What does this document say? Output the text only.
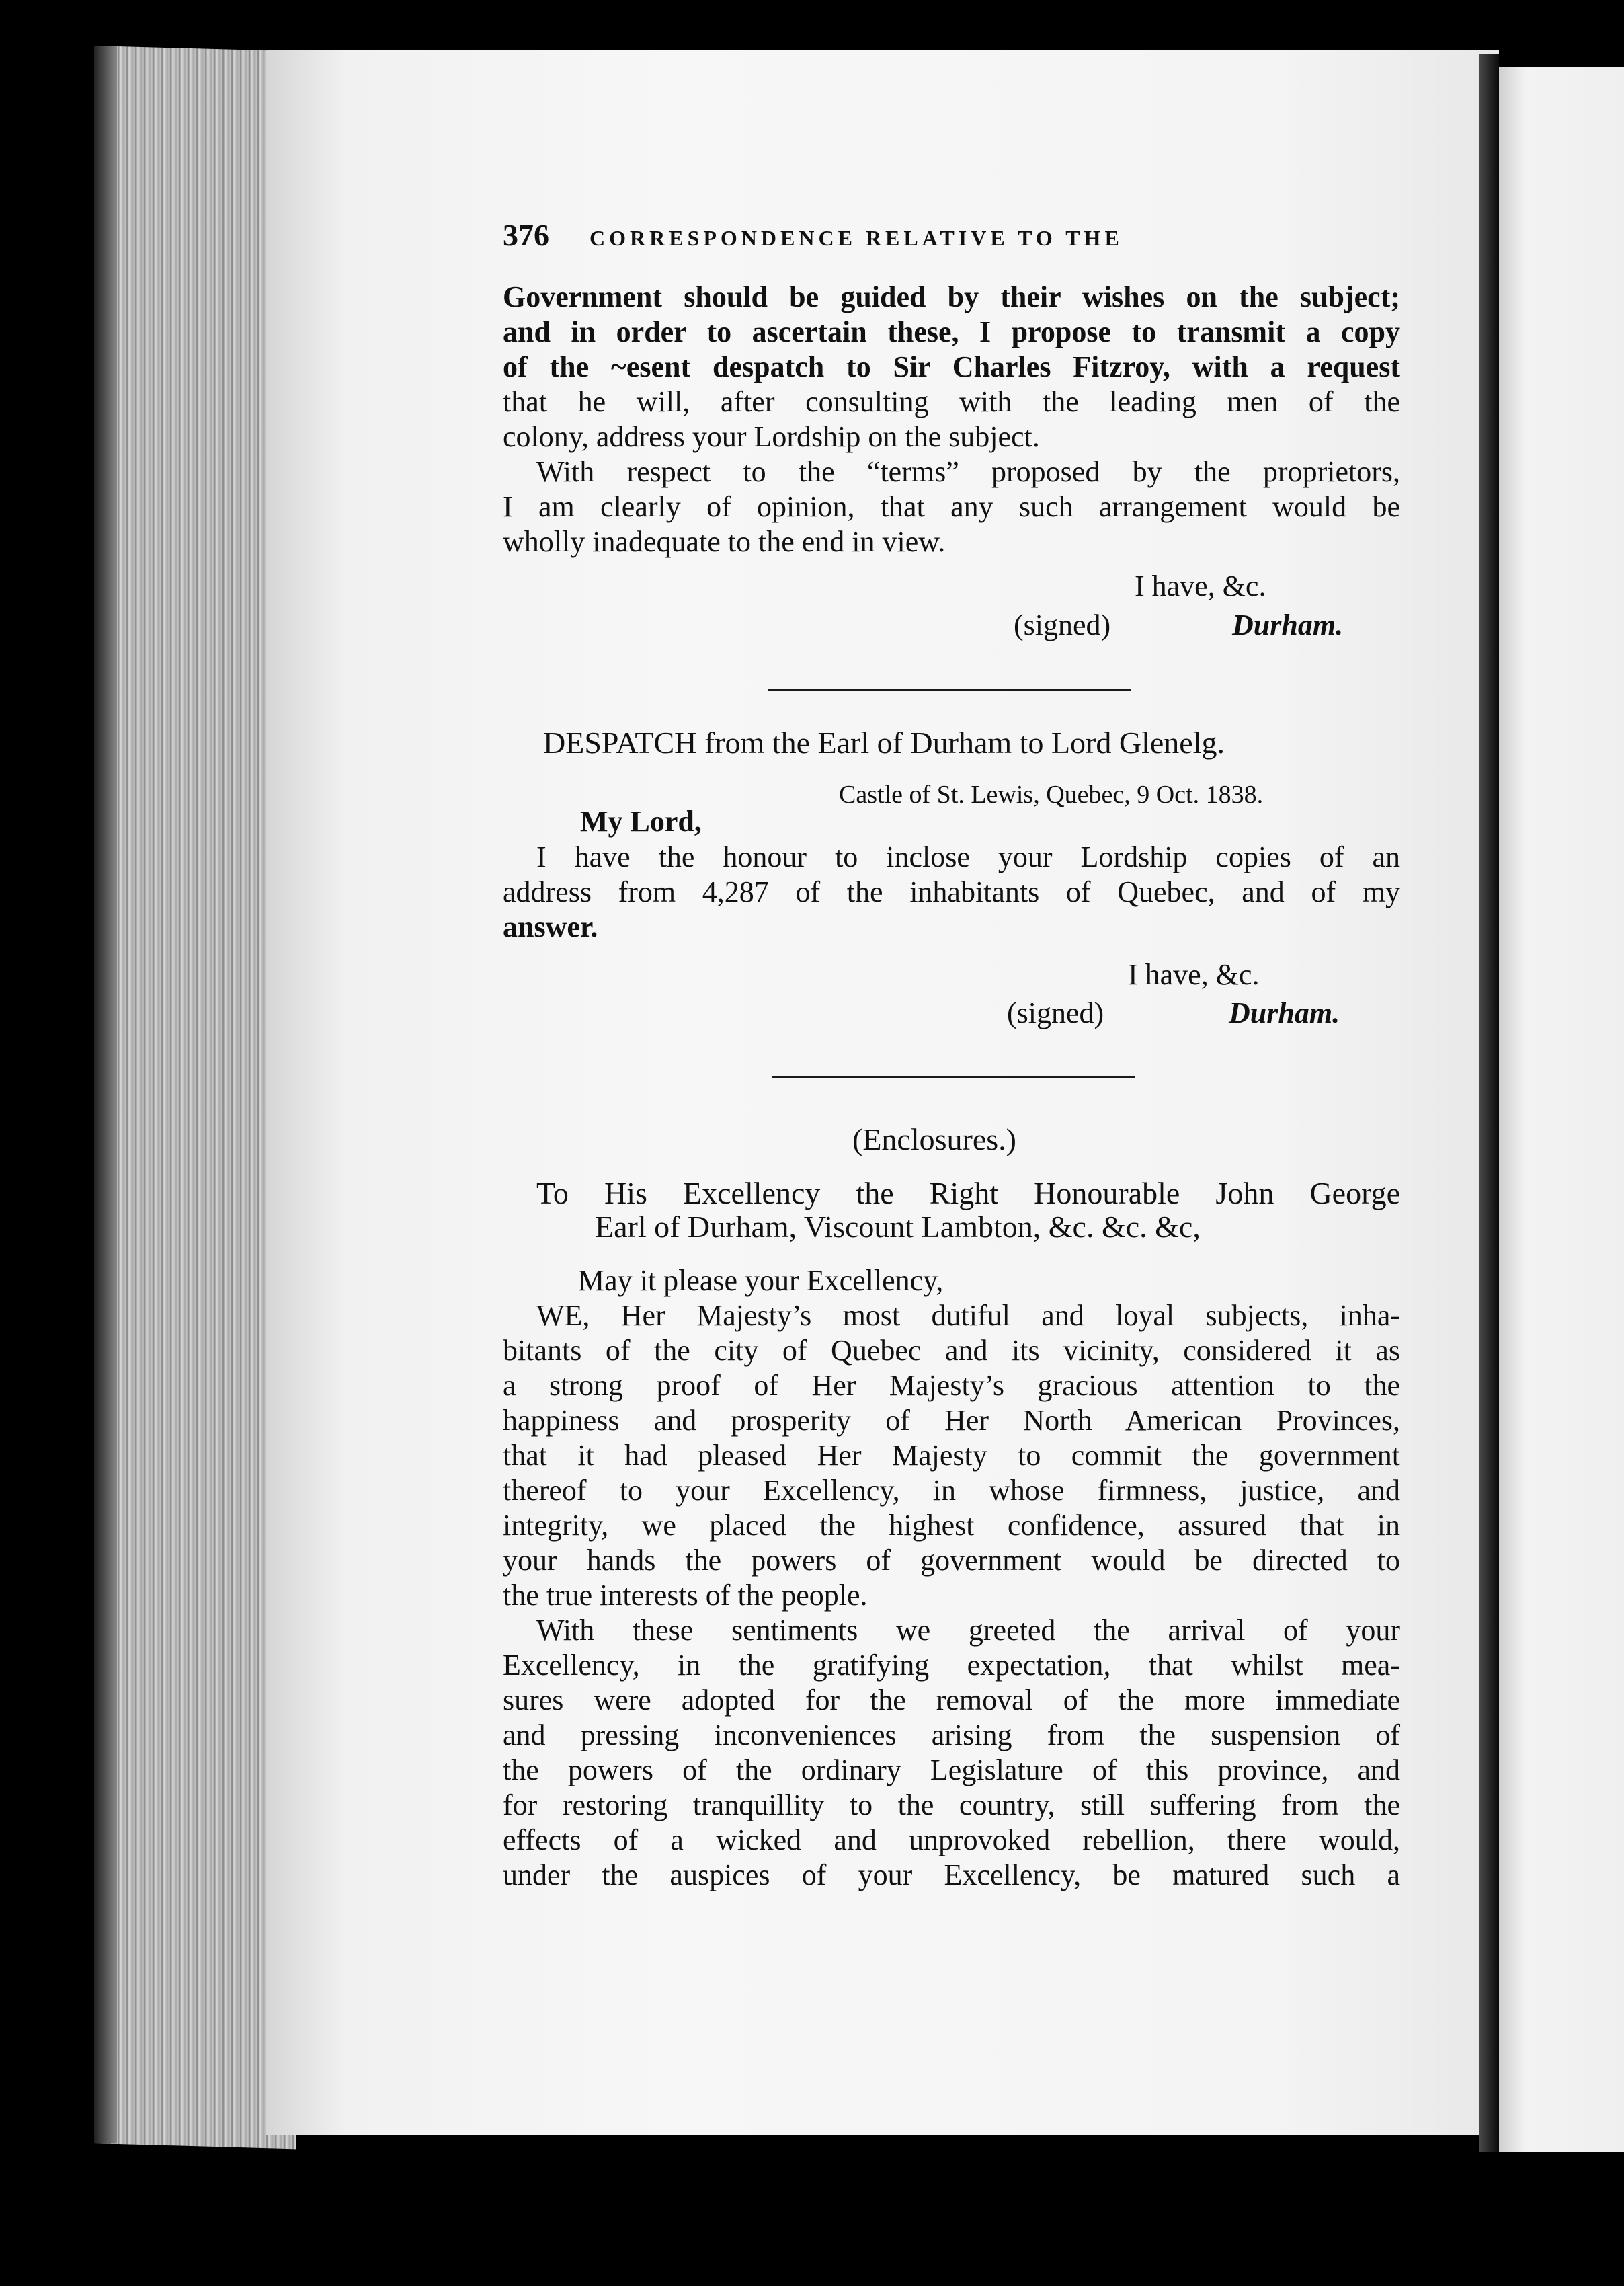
376 CORRESPONDENCE RELATIVE TO THE
Government should be guided by their wishes on the subject;
and in order to ascertain these, I propose to transmit a copy
of the ~esent despatch to Sir Charles Fitzroy, with a request
that he will, after consulting with the leading men of the
colony, address your Lordship on the subject.
With respect to the “terms” proposed by the proprietors,
I am clearly of opinion, that any such arrangement would be
wholly inadequate to the end in view.
I have, &c.
(signed)	Durham.
DESPATCH from the Earl of Durham to Lord Glenelg.
Castle of St. Lewis, Quebec, 9 Oct. 1838.
My Lord,
I have the honour to inclose your Lordship copies of an
address from 4,287 of the inhabitants of Quebec, and of my
answer.
I have, &c.
(signed)	Durham.
(Enclosures.)
To His Excellency the Right Honourable John George
Earl of Durham, Viscount Lambton, &c. &c. &c,
May it please your Excellency,
WE, Her Majesty’s most dutiful and loyal subjects, inha-
bitants of the city of Quebec and its vicinity, considered it as
a strong proof of Her Majesty’s gracious attention to the
happiness and prosperity of Her North American Provinces,
that it had pleased Her Majesty to commit the government
thereof to your Excellency, in whose firmness, justice, and
integrity, we placed the highest confidence, assured that in
your hands the powers of government would be directed to
the true interests of the people.
With these sentiments we greeted the arrival of your
Excellency, in the gratifying expectation, that whilst mea-
sures were adopted for the removal of the more immediate
and pressing inconveniences arising from the suspension of
the powers of the ordinary Legislature of this province, and
for restoring tranquillity to the country, still suffering from the
effects of a wicked and unprovoked rebellion, there would,
under the auspices of your Excellency, be matured such a
